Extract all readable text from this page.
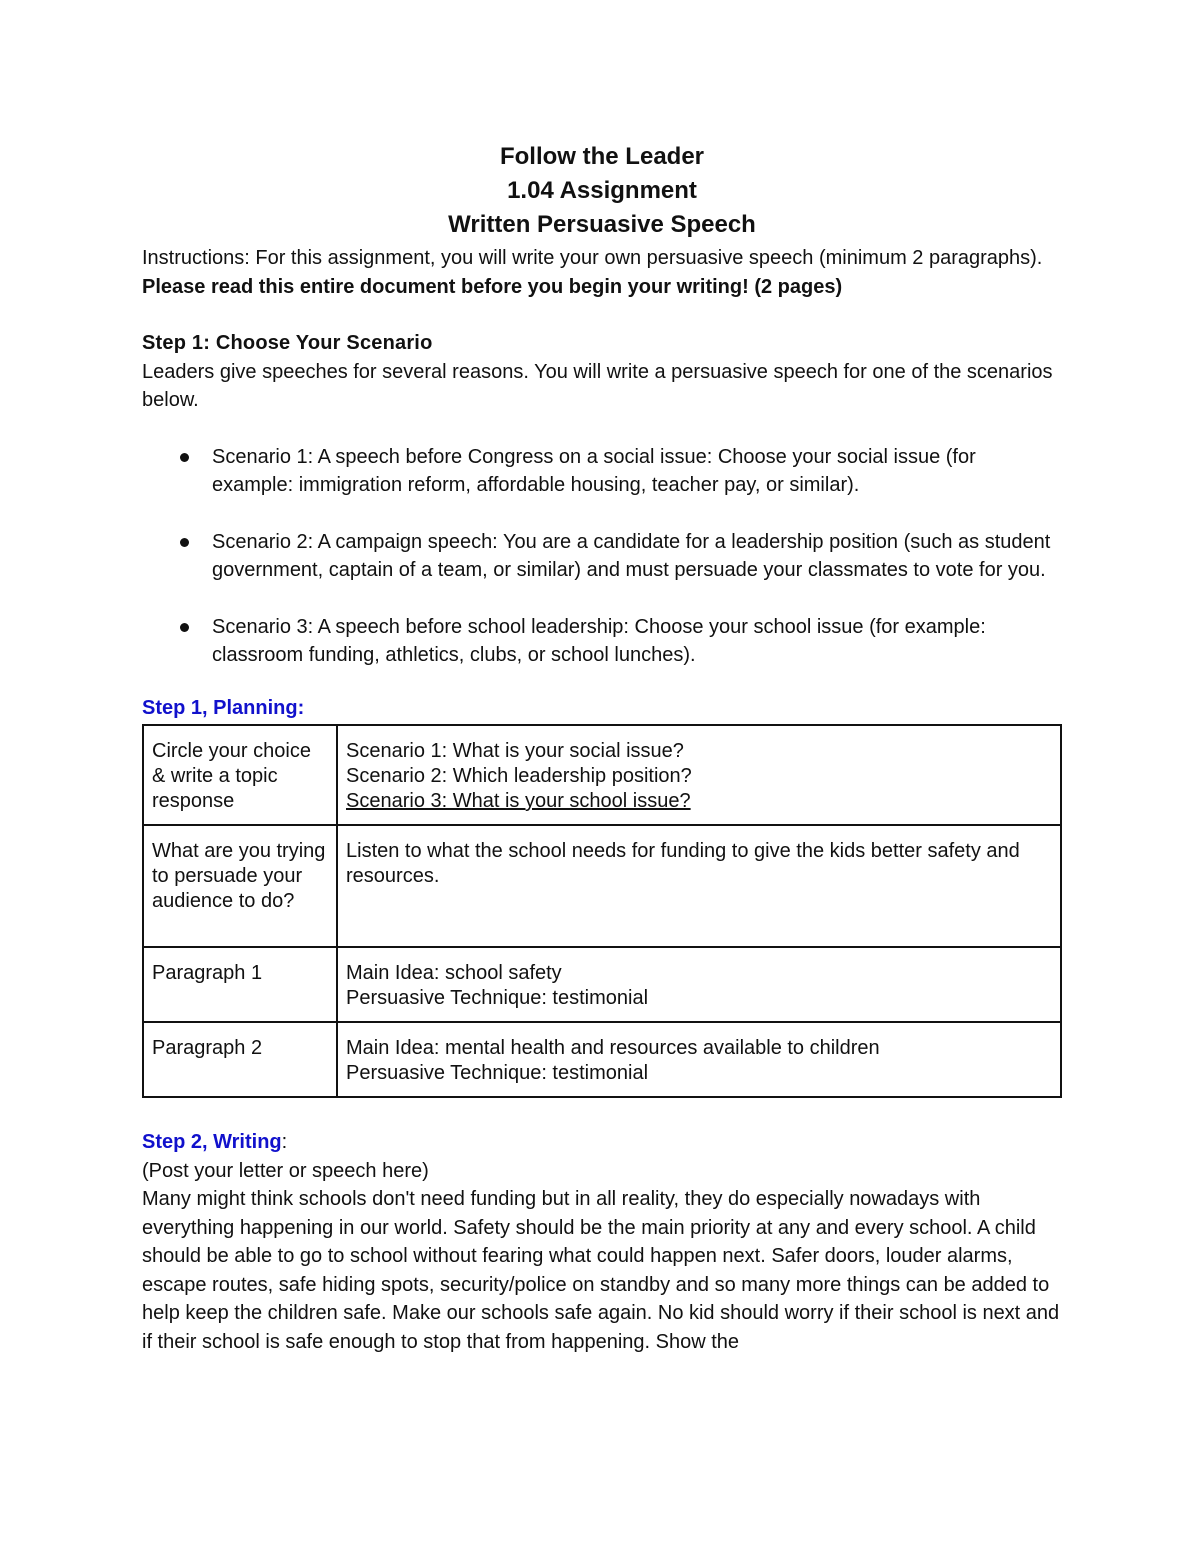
Follow the Leader
1.04 Assignment
Written Persuasive Speech

Instructions: For this assignment, you will write your own persuasive speech (minimum 2 paragraphs). Please read this entire document before you begin your writing! (2 pages)

Step 1: Choose Your Scenario

Leaders give speeches for several reasons. You will write a persuasive speech for one of the scenarios below.

Scenario 1: A speech before Congress on a social issue: Choose your social issue (for example: immigration reform, affordable housing, teacher pay, or similar).
Scenario 2: A campaign speech: You are a candidate for a leadership position (such as student government, captain of a team, or similar) and must persuade your classmates to vote for you.
Scenario 3: A speech before school leadership: Choose your school issue (for example: classroom funding, athletics, clubs, or school lunches).

Step 1, Planning:

Circle your choice & write a topic response	Scenario 1: What is your social issue?
Scenario 2: Which leadership position?
Scenario 3: What is your school issue?

What are you trying to persuade your audience to do?	Listen to what the school needs for funding to give the kids better safety and resources.

Paragraph 1	Main Idea: school safety
Persuasive Technique: testimonial

Paragraph 2	Main Idea: mental health and resources available to children
Persuasive Technique: testimonial

Step 2, Writing:

(Post your letter or speech here)

Many might think schools don't need funding but in all reality, they do especially nowadays with everything happening in our world. Safety should be the main priority at any and every school. A child should be able to go to school without fearing what could happen next. Safer doors, louder alarms, escape routes, safe hiding spots, security/police on standby and so many more things can be added to help keep the children safe. Make our schools safe again. No kid should worry if their school is next and if their school is safe enough to stop that from happening. Show the
